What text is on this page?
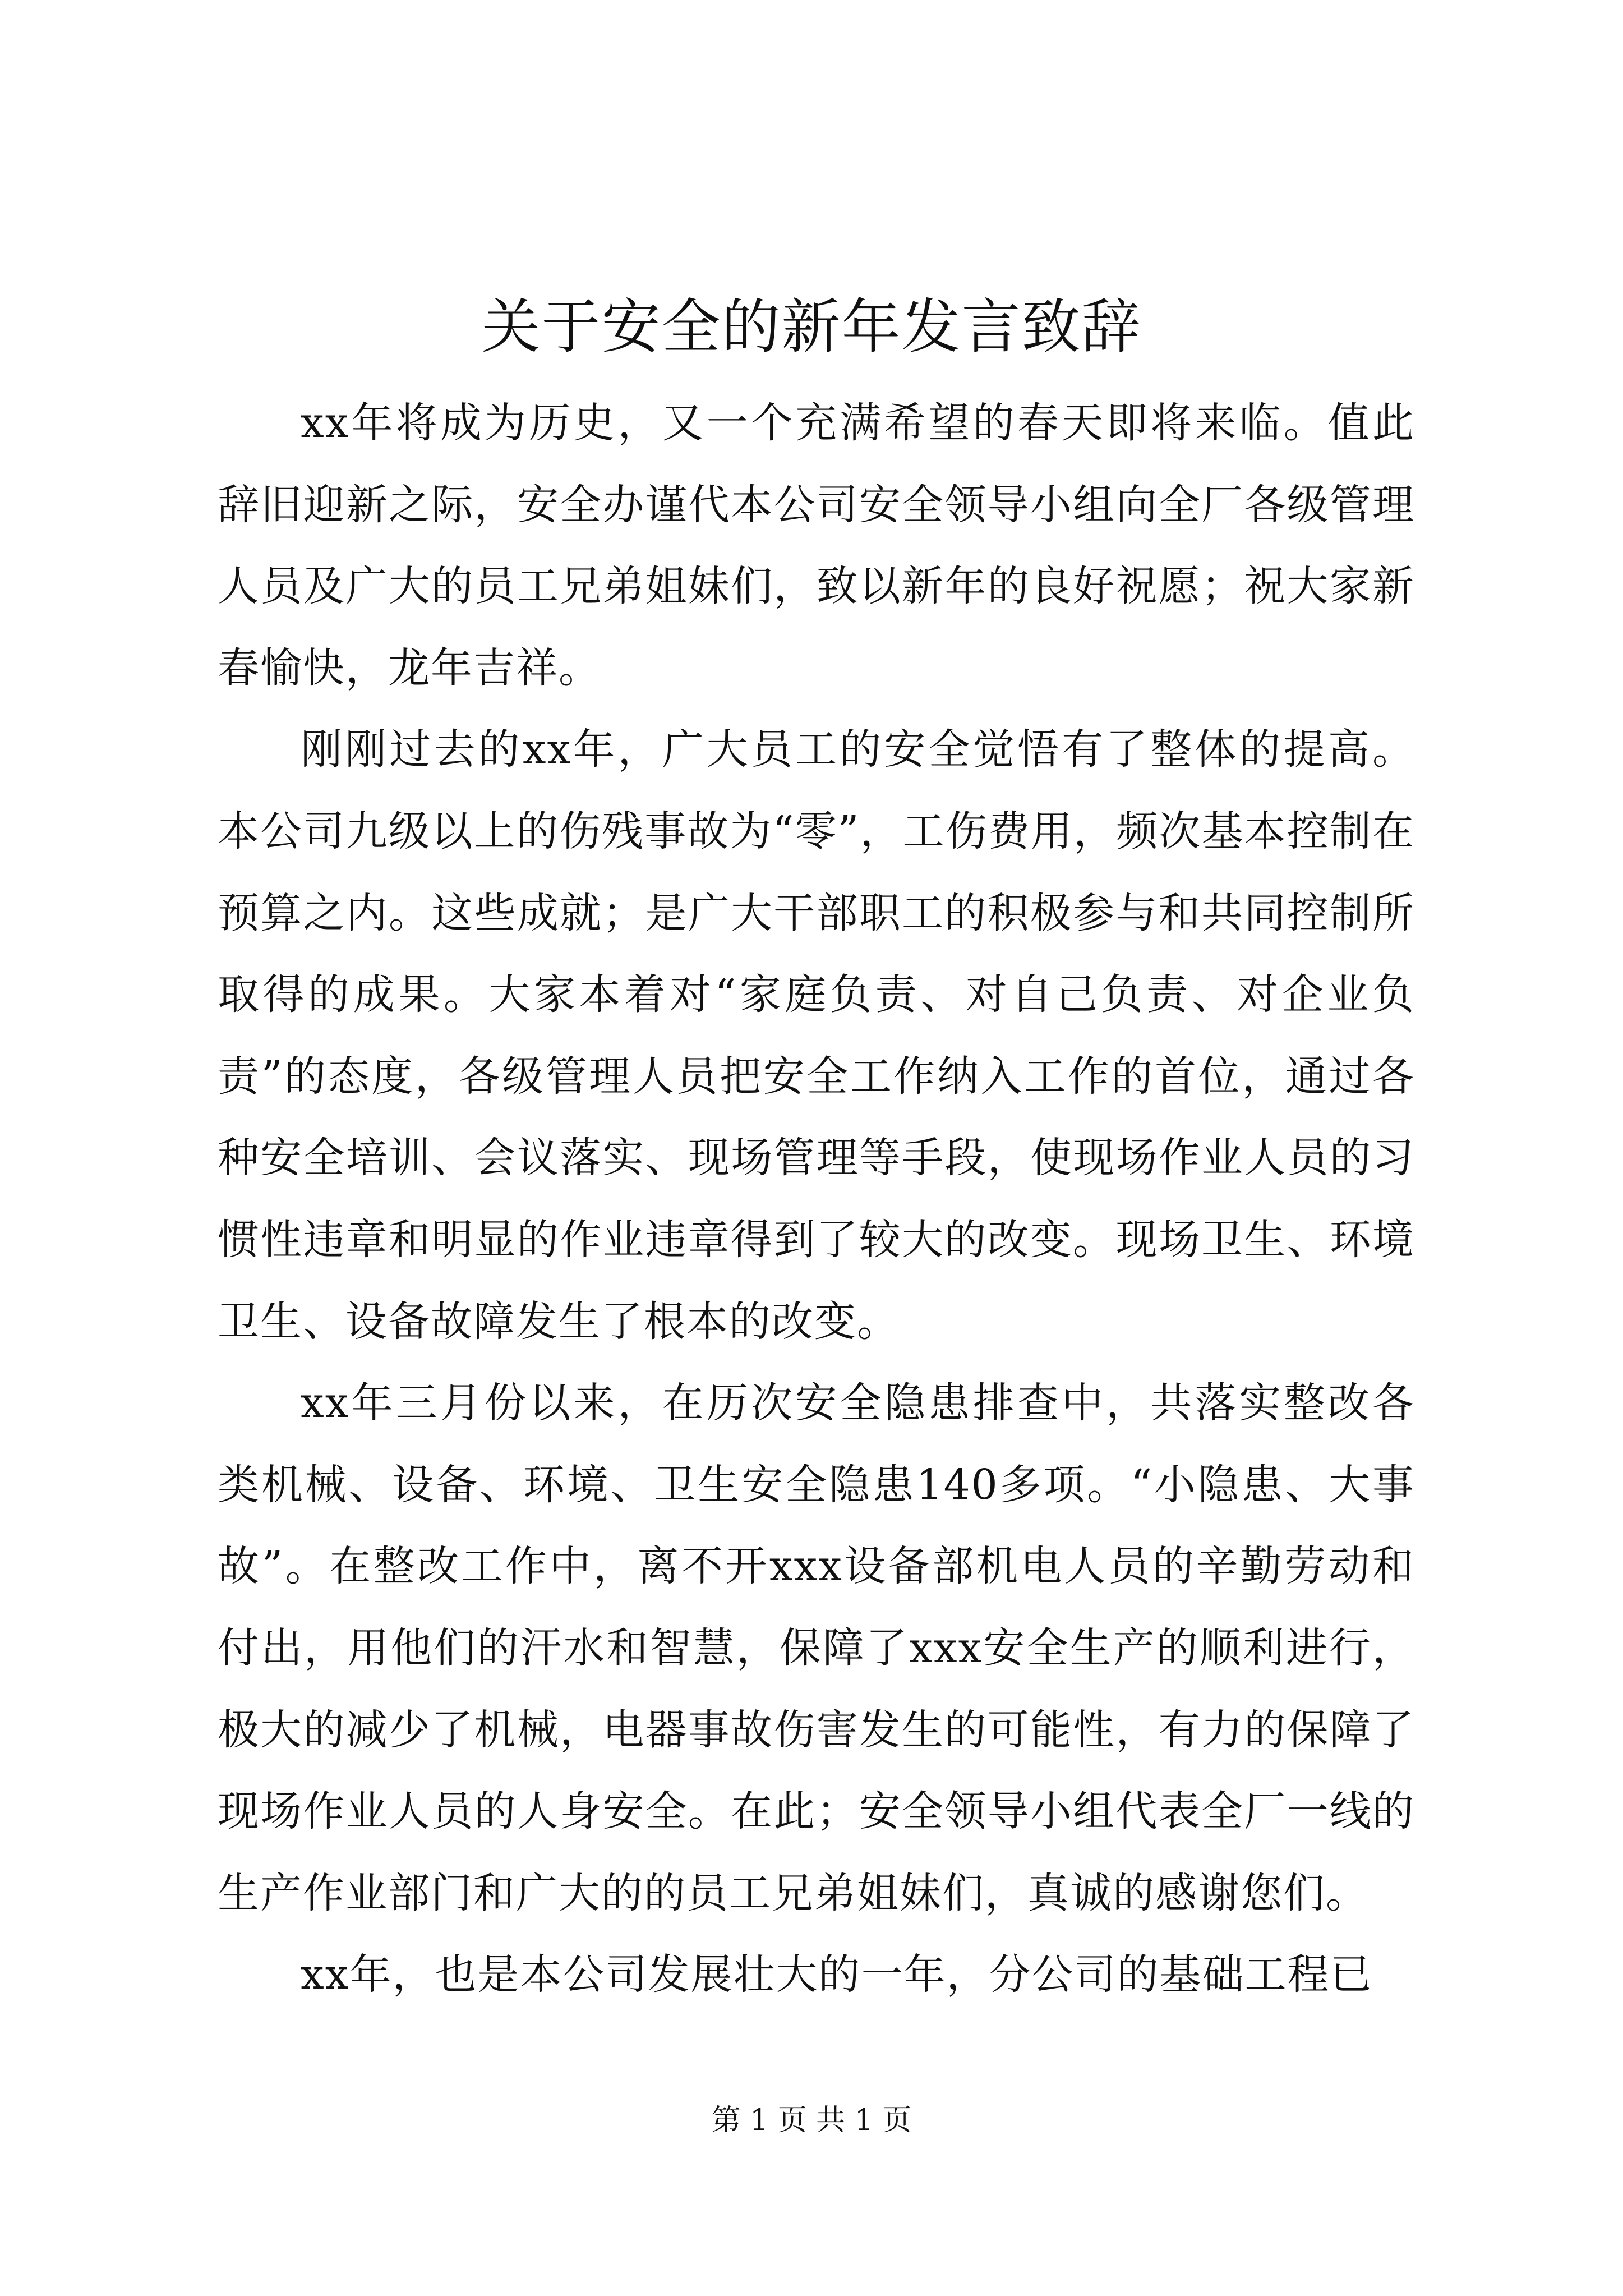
关于安全的新年发言致辞

xx年将成为历史，又一个充满希望的春天即将来临。值此辞旧迎新之际，安全办谨代本公司安全领导小组向全厂各级管理人员及广大的员工兄弟姐妹们，致以新年的良好祝愿；祝大家新春愉快，龙年吉祥。

刚刚过去的xx年，广大员工的安全觉悟有了整体的提高。本公司九级以上的伤残事故为“零”，工伤费用，频次基本控制在预算之内。这些成就；是广大干部职工的积极参与和共同控制所取得的成果。大家本着对“家庭负责、对自己负责、对企业负责”的态度，各级管理人员把安全工作纳入工作的首位，通过各种安全培训、会议落实、现场管理等手段，使现场作业人员的习惯性违章和明显的作业违章得到了较大的改变。现场卫生、环境卫生、设备故障发生了根本的改变。

xx年三月份以来，在历次安全隐患排查中，共落实整改各类机械、设备、环境、卫生安全隐患140多项。“小隐患、大事故”。在整改工作中，离不开xxx设备部机电人员的辛勤劳动和付出，用他们的汗水和智慧，保障了xxx安全生产的顺利进行，极大的减少了机械，电器事故伤害发生的可能性，有力的保障了现场作业人员的人身安全。在此；安全领导小组代表全厂一线的生产作业部门和广大的的员工兄弟姐妹们，真诚的感谢您们。

xx年，也是本公司发展壮大的一年，分公司的基础工程已

第 1 页 共 1 页
